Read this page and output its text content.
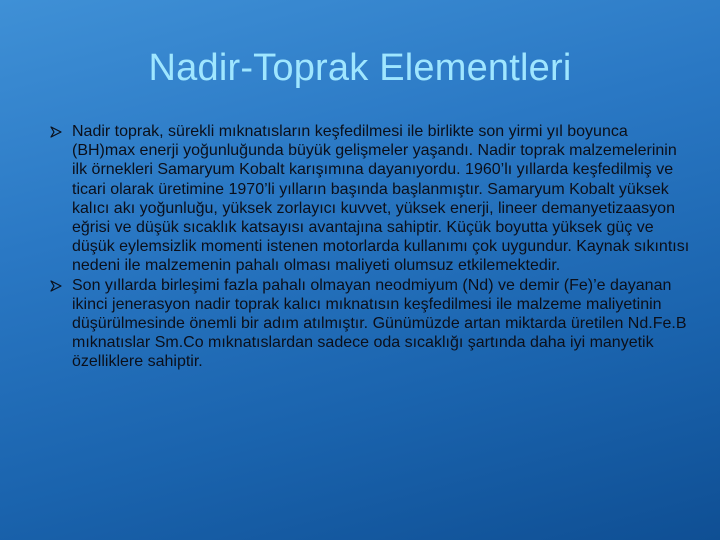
Nadir-Toprak Elementleri
Nadir toprak, sürekli mıknatısların keşfedilmesi ile birlikte son yirmi yıl boyunca (BH)max enerji yoğunluğunda büyük gelişmeler yaşandı. Nadir toprak malzemelerinin ilk örnekleri Samaryum Kobalt karışımına dayanıyordu. 1960’lı yıllarda keşfedilmiş ve ticari olarak üretimine 1970’li yılların başında başlanmıştır. Samaryum Kobalt yüksek kalıcı akı yoğunluğu, yüksek zorlayıcı kuvvet, yüksek enerji, lineer demanyetizaasyon eğrisi ve düşük sıcaklık katsayısı avantajına sahiptir. Küçük boyutta yüksek güç ve düşük eylemsizlik momenti istenen motorlarda kullanımı çok uygundur. Kaynak sıkıntısı nedeni ile malzemenin pahalı olması maliyeti olumsuz etkilemektedir.
Son yıllarda birleşimi fazla pahalı olmayan neodmiyum (Nd) ve demir (Fe)’e dayanan ikinci jenerasyon nadir toprak kalıcı mıknatısın keşfedilmesi ile malzeme maliyetinin düşürülmesinde önemli bir adım atılmıştır. Günümüzde artan miktarda üretilen Nd.Fe.B mıknatıslar Sm.Co mıknatıslardan sadece oda sıcaklığı şartında daha iyi manyetik özelliklere sahiptir.
